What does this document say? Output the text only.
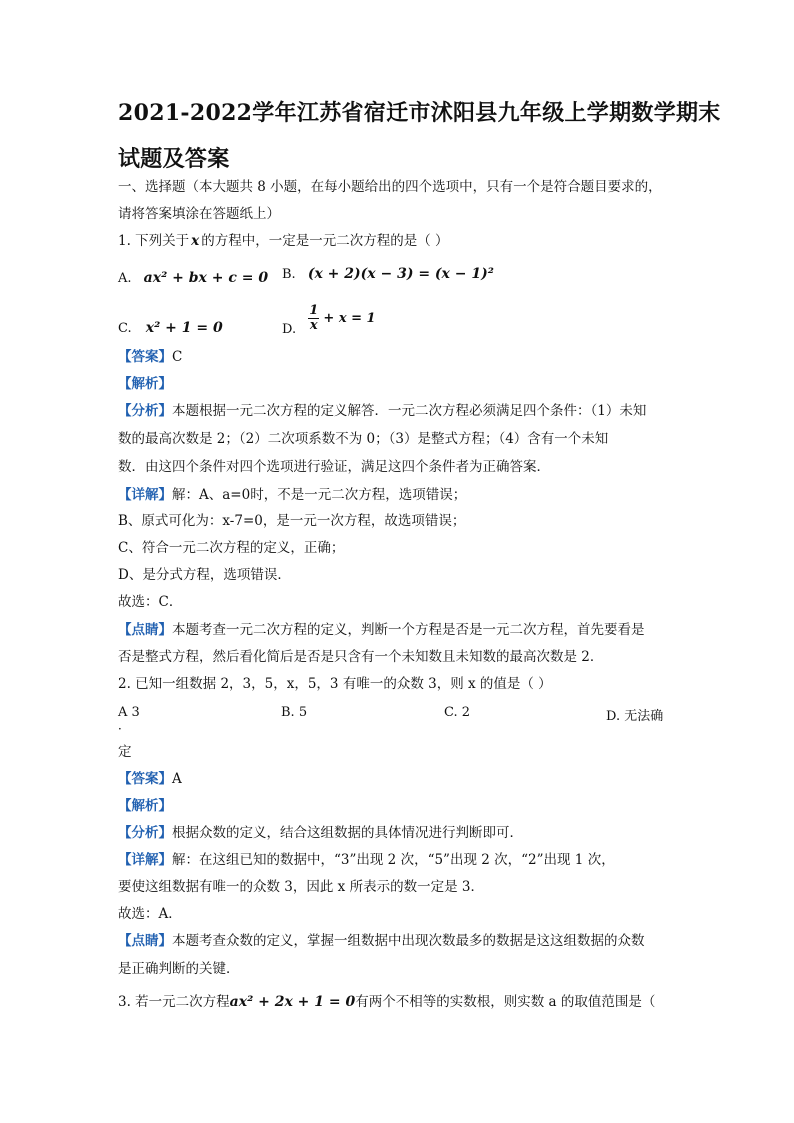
2021-2022学年江苏省宿迁市沭阳县九年级上学期数学期末
试题及答案
一、选择题（本大题共 8 小题，在每小题给出的四个选项中，只有一个是符合题目要求的，
请将答案填涂在答题纸上）
1. 下列关于 x 的方程中，一定是一元二次方程的是（ ）
A. ax² + bx + c = 0 B. (x + 2)(x − 3) = (x − 1)²
C. x² + 1 = 0	D. $\frac{1}{x} + x = 1$
【答案】C
【解析】
【分析】本题根据一元二次方程的定义解答．一元二次方程必须满足四个条件：（1）未知
数的最高次数是 2；（2）二次项系数不为 0；（3）是整式方程；（4）含有一个未知
数．由这四个条件对四个选项进行验证，满足这四个条件者为正确答案．
【详解】解：A、a=0时，不是一元二次方程，选项错误；
B、原式可化为：x-7=0，是一元一次方程，故选项错误；
C、符合一元二次方程的定义，正确；
D、是分式方程，选项错误．
故选：C．
【点睛】本题考查一元二次方程的定义，判断一个方程是否是一元二次方程，首先要看是
否是整式方程，然后看化简后是否是只含有一个未知数且未知数的最高次数是 2．
2. 已知一组数据 2，3，5，x，5，3 有唯一的众数 3，则 x 的值是（ ）
A 3
．
B. 5	C. 2	D. 无法确
定
【答案】A
【解析】
【分析】根据众数的定义，结合这组数据的具体情况进行判断即可．
【详解】解：在这组已知的数据中，“3”出现 2 次，“5”出现 2 次，“2”出现 1 次，
要使这组数据有唯一的众数 3，因此 x 所表示的数一定是 3．
故选：A．
【点睛】本题考查众数的定义，掌握一组数据中出现次数最多的数据是这这组数据的众数
是正确判断的关键．
3. 若一元二次方程ax² + 2x + 1 = 0有两个不相等的实数根，则实数 a 的取值范围是（
